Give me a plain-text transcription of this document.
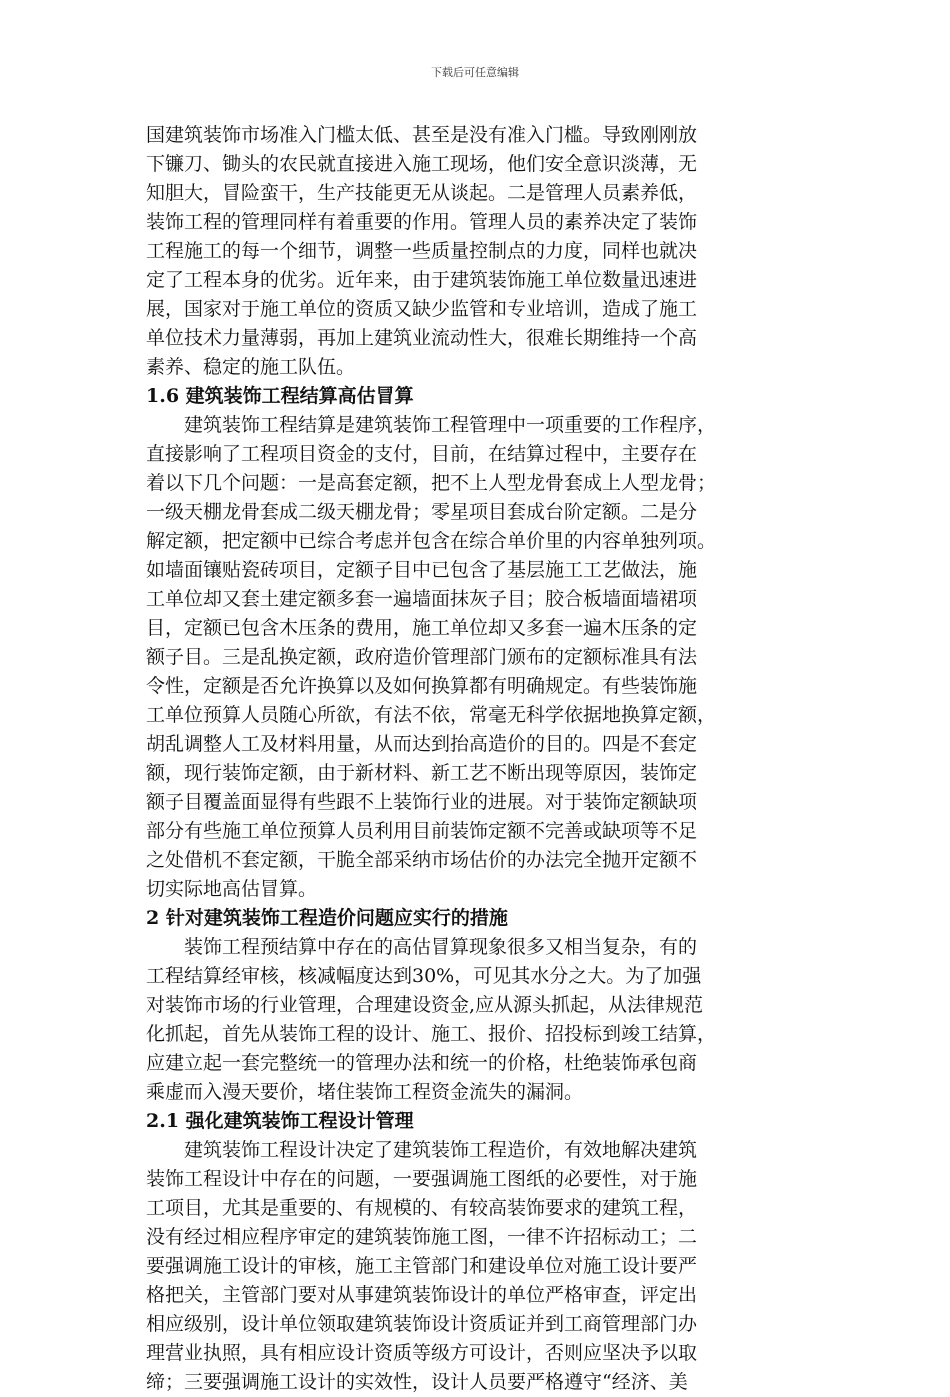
下载后可任意编辑
国建筑装饰市场准入门槛太低、甚至是没有准入门槛。导致刚刚放
下镰刀、锄头的农民就直接进入施工现场，他们安全意识淡薄，无
知胆大，冒险蛮干，生产技能更无从谈起。二是管理人员素养低，
装饰工程的管理同样有着重要的作用。管理人员的素养决定了装饰
工程施工的每一个细节，调整一些质量控制点的力度，同样也就决
定了工程本身的优劣。近年来，由于建筑装饰施工单位数量迅速进
展，国家对于施工单位的资质又缺少监管和专业培训，造成了施工
单位技术力量薄弱，再加上建筑业流动性大，很难长期维持一个高
素养、稳定的施工队伍。
1.6 建筑装饰工程结算高估冒算
建筑装饰工程结算是建筑装饰工程管理中一项重要的工作程序，
直接影响了工程项目资金的支付，目前，在结算过程中，主要存在
着以下几个问题：一是高套定额，把不上人型龙骨套成上人型龙骨；
一级天棚龙骨套成二级天棚龙骨；零星项目套成台阶定额。二是分
解定额，把定额中已综合考虑并包含在综合单价里的内容单独列项。
如墙面镶贴瓷砖项目，定额子目中已包含了基层施工工艺做法，施
工单位却又套土建定额多套一遍墙面抹灰子目；胶合板墙面墙裙项
目，定额已包含木压条的费用，施工单位却又多套一遍木压条的定
额子目。三是乱换定额，政府造价管理部门颁布的定额标准具有法
令性，定额是否允许换算以及如何换算都有明确规定。有些装饰施
工单位预算人员随心所欲，有法不依，常毫无科学依据地换算定额，
胡乱调整人工及材料用量，从而达到抬高造价的目的。四是不套定
额，现行装饰定额，由于新材料、新工艺不断出现等原因，装饰定
额子目覆盖面显得有些跟不上装饰行业的进展。对于装饰定额缺项
部分有些施工单位预算人员利用目前装饰定额不完善或缺项等不足
之处借机不套定额，干脆全部采纳市场估价的办法完全抛开定额不
切实际地高估冒算。
2 针对建筑装饰工程造价问题应实行的措施
装饰工程预结算中存在的高估冒算现象很多又相当复杂，有的
工程结算经审核，核减幅度达到30%，可见其水分之大。为了加强
对装饰市场的行业管理，合理建设资金,应从源头抓起，从法律规范
化抓起，首先从装饰工程的设计、施工、报价、招投标到竣工结算，
应建立起一套完整统一的管理办法和统一的价格，杜绝装饰承包商
乘虚而入漫天要价，堵住装饰工程资金流失的漏洞。
2.1 强化建筑装饰工程设计管理
建筑装饰工程设计决定了建筑装饰工程造价，有效地解决建筑
装饰工程设计中存在的问题，一要强调施工图纸的必要性，对于施
工项目，尤其是重要的、有规模的、有较高装饰要求的建筑工程，
没有经过相应程序审定的建筑装饰施工图，一律不许招标动工；二
要强调施工设计的审核，施工主管部门和建设单位对施工设计要严
格把关，主管部门要对从事建筑装饰设计的单位严格审查，评定出
相应级别，设计单位领取建筑装饰设计资质证并到工商管理部门办
理营业执照，具有相应设计资质等级方可设计，否则应坚决予以取
缔；三要强调施工设计的实效性，设计人员要严格遵守“经济、美
